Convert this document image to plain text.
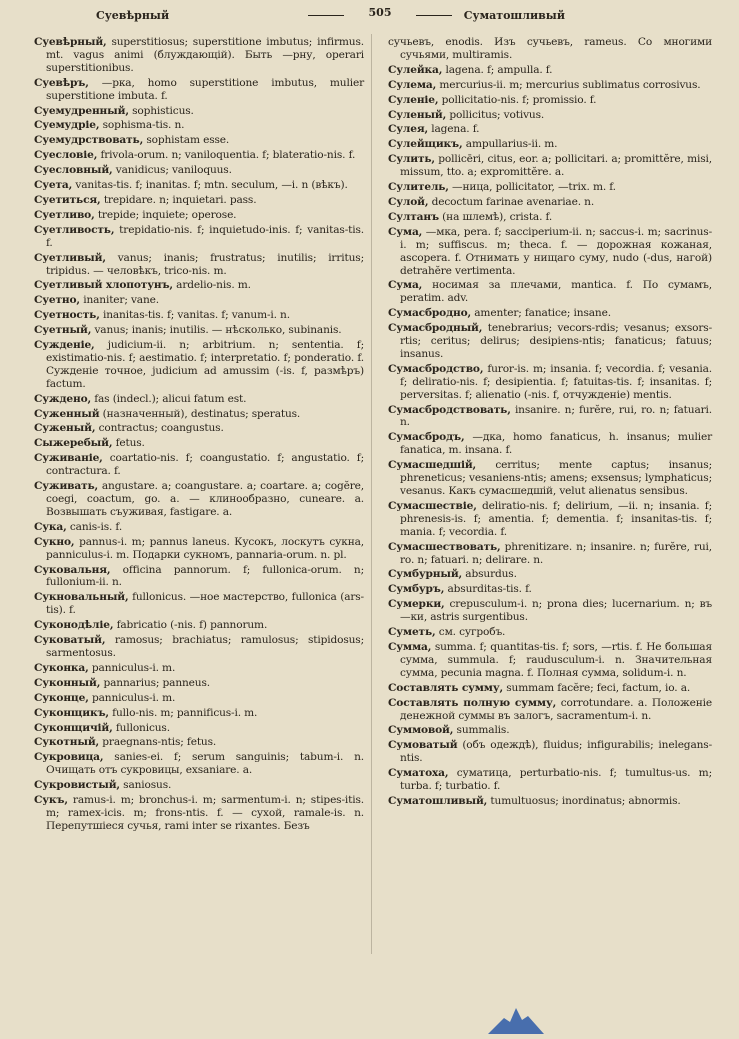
Суевѣрный	505	Суматошливый
Суевѣрный, superstitiosus; superstitione imbutus; infirmus. mt. vagus animi (блуждающій). Быть —рну, operari superstitionibus.
Суевѣръ, —рка, homo superstitione imbutus, mulier superstitione imbuta. f.
Суемудренный, sophisticus.
Суемудріе, sophisma-tis. n.
Суемудрствовать, sophistam esse.
Суесловіе, frivola-orum. n; vaniloquentia. f; blateratio-nis. f.
Суесловный, vanidicus; vaniloquus.
Суета, vanitas-tis. f; inanitas. f; mtn. seculum, —i. n (вѣкъ).
Суетиться, trepidare. n; inquietari. pass.
Суетливо, trepide; inquiete; operose.
Суетливость, trepidatio-nis. f; inquietudo-inis. f; vanitas-tis. f.
Суетливый, vanus; inanis; frustratus; inutilis; irritus; tripidus. — человѣкъ, trico-nis. m.
Суетливый хлопотунъ, ardelio-nis. m.
Суетно, inaniter; vane.
Суетность, inanitas-tis. f; vanitas. f; vanum-i. n.
Суетный, vanus; inanis; inutilis. — нѣсколько, subinanis.
Сужденіе, judicium-ii. n; arbitrium. n; sententia. f; existimatio-nis. f; aestimatio. f; interpretatio. f; ponderatio. f. Сужденіе точное, judicium ad amussim (-is. f, размѣръ) factum.
Суждено, fas (indecl.); alicui fatum est.
Суженный (назначенный), destinatus; speratus.
Суженый, contractus; coangustus.
Сыжеребый, fetus.
Суживаніе, coartatio-nis. f; coangustatio. f; angustatio. f; contractura. f.
Суживать, angustare. a; coangustare. a; coartare. a; cogĕre, coegi, coactum, go. a. — клинообразно, cuneare. a. Возвышать съуживая, fastigare. a.
Сука, canis-is. f.
Сукно, pannus-i. m; pannus laneus. Кусокъ, лоскутъ сукна, panniculus-i. m. Подарки сукномъ, pannaria-orum. n. pl.
Суковальня, officina pannorum. f; fullonica-orum. n; fullonium-ii. n.
Сукновальный, fullonicus. —ное мастерство, fullonica (ars-tis). f.
Суконодѣліе, fabricatio (-nis. f) pannorum.
Суковатый, ramosus; brachiatus; ramulosus; stipidosus; sarmentosus.
Суконка, panniculus-i. m.
Суконный, pannarius; panneus.
Суконце, panniculus-i. m.
Суконщикъ, fullo-nis. m; pannificus-i. m.
Суконщичій, fullonicus.
Сукотный, praegnans-ntis; fetus.
Сукровица, sanies-ei. f; serum sanguinis; tabum-i. n. Очищать отъ сукровицы, exsaniare. a.
Сукровистый, saniosus.
Сукъ, ramus-i. m; bronchus-i. m; sarmentum-i. n; stipes-itis. m; ramex-icis. m; frons-ntis. f. — сухой, ramale-is. n. Перепутшіеся сучья, rami inter se rixantes. Безъ
сучьевъ, enodis. Изъ сучьевъ, rameus. Со многими сучьями, multiramis.
Сулейка, lagena. f; ampulla. f.
Сулема, mercurius-ii. m; mercurius sublimatus corrosivus.
Суленіе, pollicitatio-nis. f; promissio. f.
Суленый, pollicitus; votivus.
Сулея, lagena. f.
Сулейщикъ, ampullarius-ii. m.
Сулить, pollicēri, citus, eor. a; pollicitari. a; promittĕre, misi, missum, tto. a; expromittĕre. a.
Сулитель, —ница, pollicitator, —trix. m. f.
Сулой, decoctum farinae avenariae. n.
Султанъ (на шлемѣ), crista. f.
Сума, —мка, pera. f; sacciperium-ii. n; saccus-i. m; sacrinus-i. m; suffiscus. m; theca. f. — дорожная кожаная, ascopera. f. Отнимать у нищаго суму, nudo (-dus, нагой) detrahĕre vertimenta.
Сума, носимая за плечами, mantica. f. По сумамъ, peratim. adv.
Сумасбродно, amenter; fanatice; insane.
Сумасбродный, tenebrarius; vecors-rdis; vesanus; exsors-rtis; ceritus; delirus; desipiens-ntis; fanaticus; fatuus; insanus.
Сумасбродство, furor-is. m; insania. f; vecordia. f; vesania. f; deliratio-nis. f; desipientia. f; fatuitas-tis. f; insanitas. f; perversitas. f; alienatio (-nis. f, отчужденіе) mentis.
Сумасбродствовать, insanire. n; furĕre, rui, ro. n; fatuari. n.
Сумасбродъ, —дка, homo fanaticus, h. insanus; mulier fanatica, m. insana. f.
Сумасшедшій, cerritus; mente captus; insanus; phreneticus; vesaniens-ntis; amens; exsensus; lymphaticus; vesanus. Какъ сумасшедшій, velut alienatus sensibus.
Сумасшествіе, deliratio-nis. f; delirium, —ii. n; insania. f; phrenesis-is. f; amentia. f; dementia. f; insanitas-tis. f; mania. f; vecordia. f.
Сумасшествовать, phrenitizare. n; insanire. n; furĕre, rui, ro. n; fatuari. n; delirare. n.
Сумбурный, absurdus.
Сумбуръ, absurditas-tis. f.
Сумерки, crepusculum-i. n; prona dies; lucernarium. n; въ —ки, astris surgentibus.
Суметь, см. сугробъ.
Сумма, summa. f; quantitas-tis. f; sors, —rtis. f. Не большая сумма, summula. f; raudusculum-i. n. Значительная сумма, pecunia magna. f. Полная сумма, solidum-i. n.
Составлять сумму, summam facĕre; feci, factum, io. a.
Составлять полную сумму, corrotundare. a. Положеніе денежной суммы въ залогъ, sacramentum-i. n.
Суммовой, summalis.
Сумоватый (объ одеждѣ), fluidus; infigurabilis; inelegans-ntis.
Суматоха, суматица, perturbatio-nis. f; tumultus-us. m; turba. f; turbatio. f.
Суматошливый, tumultuosus; inordinatus; abnormis.
